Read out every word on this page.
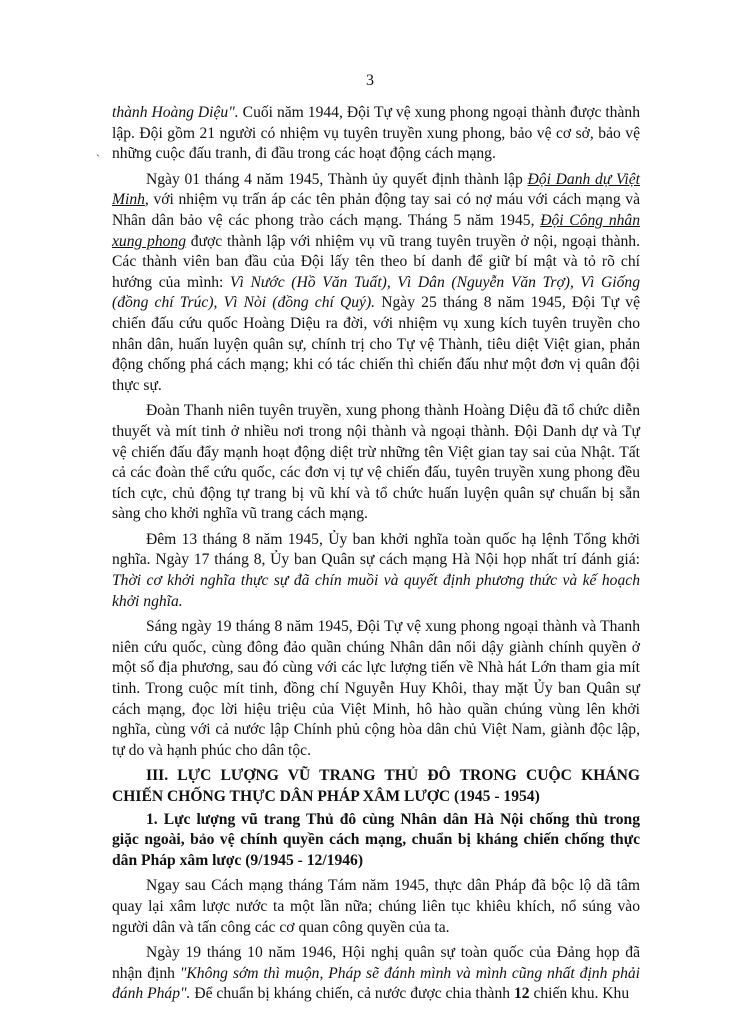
3
`

thành Hoàng Diệu". Cuối năm 1944, Đội Tự vệ xung phong ngoại thành được thành lập. Đội gồm 21 người có nhiệm vụ tuyên truyền xung phong, bảo vệ cơ sở, bảo vệ những cuộc đấu tranh, đi đầu trong các hoạt động cách mạng.

Ngày 01 tháng 4 năm 1945, Thành ủy quyết định thành lập Đội Danh dự Việt Minh, với nhiệm vụ trấn áp các tên phản động tay sai có nợ máu với cách mạng và Nhân dân bảo vệ các phong trào cách mạng. Tháng 5 năm 1945, Đội Công nhân xung phong được thành lập với nhiệm vụ vũ trang tuyên truyền ở nội, ngoại thành. Các thành viên ban đầu của Đội lấy tên theo bí danh để giữ bí mật và tỏ rõ chí hướng của mình: Vì Nước (Hồ Văn Tuất), Vì Dân (Nguyễn Văn Trợ), Vì Giống (đồng chí Trúc), Vì Nòi (đồng chí Quý). Ngày 25 tháng 8 năm 1945, Đội Tự vệ chiến đấu cứu quốc Hoàng Diệu ra đời, với nhiệm vụ xung kích tuyên truyền cho nhân dân, huấn luyện quân sự, chính trị cho Tự vệ Thành, tiêu diệt Việt gian, phản động chống phá cách mạng; khi có tác chiến thì chiến đấu như một đơn vị quân đội thực sự.

Đoàn Thanh niên tuyên truyền, xung phong thành Hoàng Diệu đã tổ chức diễn thuyết và mít tinh ở nhiều nơi trong nội thành và ngoại thành. Đội Danh dự và Tự vệ chiến đấu đẩy mạnh hoạt động diệt trừ những tên Việt gian tay sai của Nhật. Tất cả các đoàn thể cứu quốc, các đơn vị tự vệ chiến đấu, tuyên truyền xung phong đều tích cực, chủ động tự trang bị vũ khí và tổ chức huấn luyện quân sự chuẩn bị sẵn sàng cho khởi nghĩa vũ trang cách mạng.

Đêm 13 tháng 8 năm 1945, Ủy ban khởi nghĩa toàn quốc hạ lệnh Tổng khởi nghĩa. Ngày 17 tháng 8, Ủy ban Quân sự cách mạng Hà Nội họp nhất trí đánh giá: Thời cơ khởi nghĩa thực sự đã chín muồi và quyết định phương thức và kế hoạch khởi nghĩa.

Sáng ngày 19 tháng 8 năm 1945, Đội Tự vệ xung phong ngoại thành và Thanh niên cứu quốc, cùng đông đảo quần chúng Nhân dân nổi dậy giành chính quyền ở một số địa phương, sau đó cùng với các lực lượng tiến về Nhà hát Lớn tham gia mít tinh. Trong cuộc mít tinh, đồng chí Nguyễn Huy Khôi, thay mặt Ủy ban Quân sự cách mạng, đọc lời hiệu triệu của Việt Minh, hô hào quần chúng vùng lên khởi nghĩa, cùng với cả nước lập Chính phủ cộng hòa dân chủ Việt Nam, giành độc lập, tự do và hạnh phúc cho dân tộc.

III. LỰC LƯỢNG VŨ TRANG THỦ ĐÔ TRONG CUỘC KHÁNG CHIẾN CHỐNG THỰC DÂN PHÁP XÂM LƯỢC (1945 - 1954)
1. Lực lượng vũ trang Thủ đô cùng Nhân dân Hà Nội chống thù trong giặc ngoài, bảo vệ chính quyền cách mạng, chuẩn bị kháng chiến chống thực dân Pháp xâm lược (9/1945 - 12/1946)

Ngay sau Cách mạng tháng Tám năm 1945, thực dân Pháp đã bộc lộ dã tâm quay lại xâm lược nước ta một lần nữa; chúng liên tục khiêu khích, nổ súng vào người dân và tấn công các cơ quan công quyền của ta.

Ngày 19 tháng 10 năm 1946, Hội nghị quân sự toàn quốc của Đảng họp đã nhận định "Không sớm thì muộn, Pháp sẽ đánh mình và mình cũng nhất định phải đánh Pháp". Để chuẩn bị kháng chiến, cả nước được chia thành 12 chiến khu. Khu
